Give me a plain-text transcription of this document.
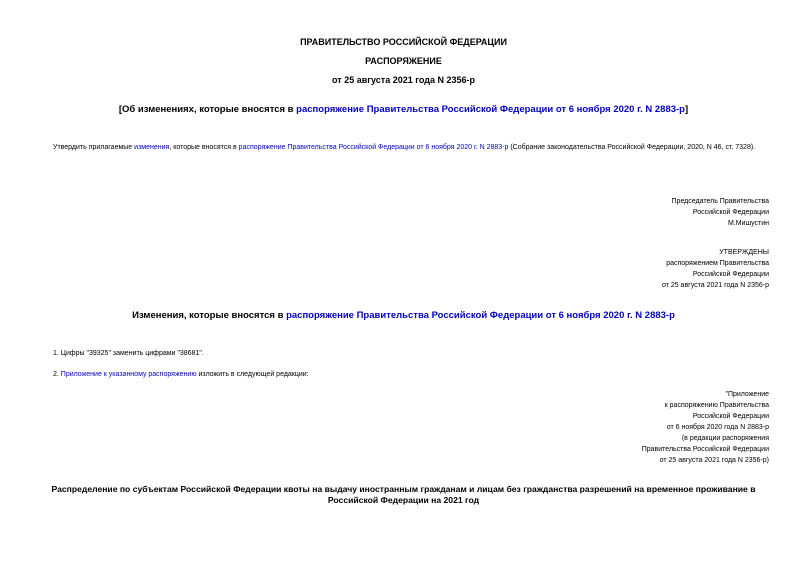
ПРАВИТЕЛЬСТВО РОССИЙСКОЙ ФЕДЕРАЦИИ
РАСПОРЯЖЕНИЕ
от 25 августа 2021 года N 2356-р
[Об изменениях, которые вносятся в распоряжение Правительства Российской Федерации от 6 ноября 2020 г. N 2883-р]
Утвердить прилагаемые изменения, которые вносятся в распоряжение Правительства Российской Федерации от 6 ноября 2020 г. N 2883-р (Собрание законодательства Российской Федерации, 2020, N 46, ст. 7328).
Председатель Правительства
Российской Федерации
М.Мишустин
УТВЕРЖДЕНЫ
распоряжением Правительства
Российской Федерации
от 25 августа 2021 года N 2356-р
Изменения, которые вносятся в распоряжение Правительства Российской Федерации от 6 ноября 2020 г. N 2883-р
1. Цифры "39325" заменить цифрами "38681".
2. Приложение к указанному распоряжению изложить в следующей редакции:
"Приложение
к распоряжению Правительства
Российской Федерации
от 6 ноября 2020 года N 2883-р
(в редакции распоряжения
Правительства Российской Федерации
от 25 августа 2021 года N 2356-р)
Распределение по субъектам Российской Федерации квоты на выдачу иностранным гражданам и лицам без гражданства разрешений на временное проживание в
Российской Федерации на 2021 год
